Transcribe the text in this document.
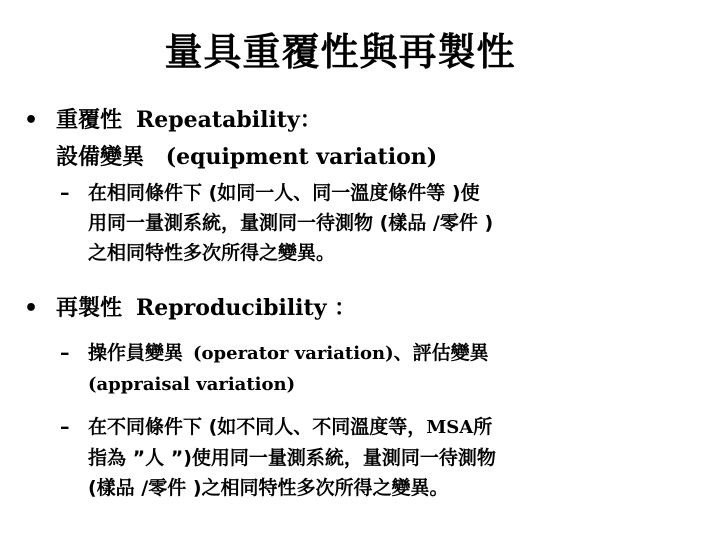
量具重覆性與再製性
• 重覆性 Repeatability：
設備變異 (equipment variation)
– 在相同條件下 (如同一人、同一溫度條件等 )使
用同一量測系統，量測同一待測物 (樣品 /零件 )
之相同特性多次所得之變異。
• 再製性 Reproducibility ：
– 操作員變異 (operator variation)、評估變異
(appraisal variation)
– 在不同條件下 (如不同人、不同溫度等，MSA所
指為 ”人 ”)使用同一量測系統，量測同一待測物
(樣品 /零件 )之相同特性多次所得之變異。
